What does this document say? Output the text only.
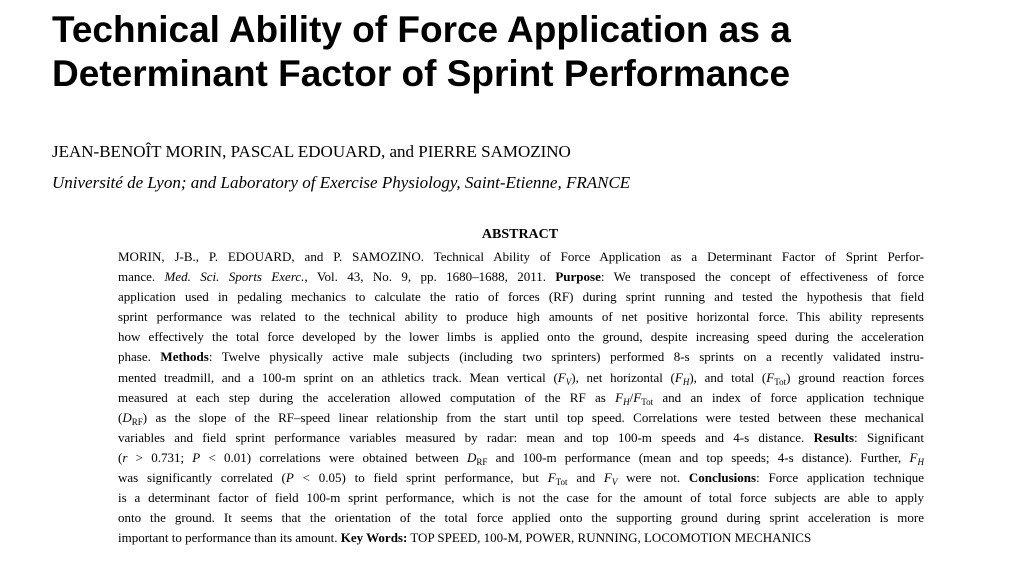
Technical Ability of Force Application as a
Determinant Factor of Sprint Performance

JEAN-BENOÎT MORIN, PASCAL EDOUARD, and PIERRE SAMOZINO

Université de Lyon; and Laboratory of Exercise Physiology, Saint-Etienne, FRANCE

ABSTRACT

MORIN, J-B., P. EDOUARD, and P. SAMOZINO. Technical Ability of Force Application as a Determinant Factor of Sprint Perfor-
mance. Med. Sci. Sports Exerc., Vol. 43, No. 9, pp. 1680–1688, 2011. Purpose: We transposed the concept of effectiveness of force
application used in pedaling mechanics to calculate the ratio of forces (RF) during sprint running and tested the hypothesis that field
sprint performance was related to the technical ability to produce high amounts of net positive horizontal force. This ability represents
how effectively the total force developed by the lower limbs is applied onto the ground, despite increasing speed during the acceleration
phase. Methods: Twelve physically active male subjects (including two sprinters) performed 8-s sprints on a recently validated instru-
mented treadmill, and a 100-m sprint on an athletics track. Mean vertical $(F_V)$, net horizontal $(F_H)$, and total $(F_{Tot})$ ground reaction forces
measured at each step during the acceleration allowed computation of the RF as $F_H/F_{Tot}$ and an index of force application technique
$(D_{RF})$ as the slope of the RF–speed linear relationship from the start until top speed. Correlations were tested between these mechanical
variables and field sprint performance variables measured by radar: mean and top 100-m speeds and 4-s distance. Results: Significant
(r > 0.731; P < 0.01) correlations were obtained between $D_{RF}$ and 100-m performance (mean and top speeds; 4-s distance). Further, $F_H$
was significantly correlated (P < 0.05) to field sprint performance, but $F_{Tot}$ and $F_V$ were not. Conclusions: Force application technique
is a determinant factor of field 100-m sprint performance, which is not the case for the amount of total force subjects are able to apply
onto the ground. It seems that the orientation of the total force applied onto the supporting ground during sprint acceleration is more
important to performance than its amount. Key Words: TOP SPEED, 100-M, POWER, RUNNING, LOCOMOTION MECHANICS
